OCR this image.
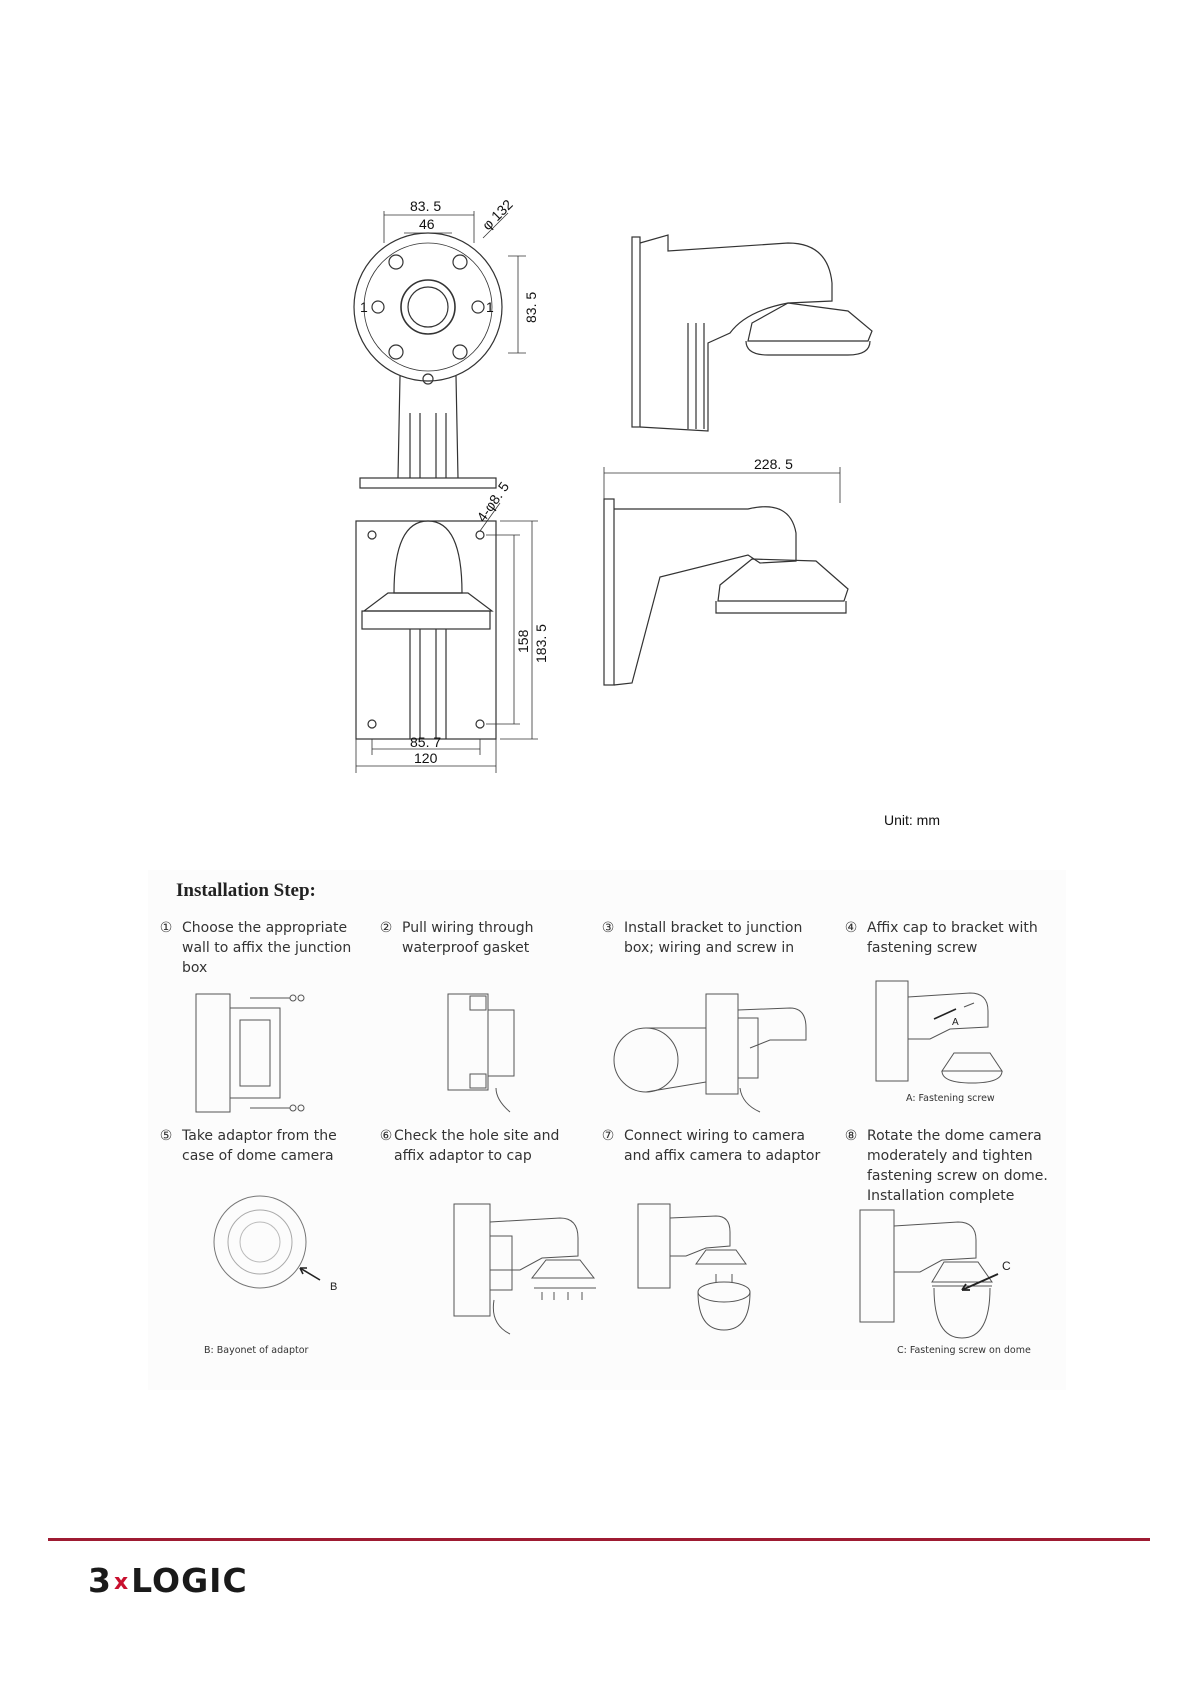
83. 5
46	φ 132
83. 5
1	1
4-φ8. 5
158 183. 5
85. 7
120
228. 5
Unit: mm
Installation Step:
① Choose the appropriate
wall to affix the junction
box
② Pull wiring through
waterproof gasket
③ Install bracket to junction
box; wiring and screw in
④ Affix cap to bracket with
fastening screw
⑤ Take adaptor from the
case of dome camera
⑥ Check the hole site and
affix adaptor to cap
⑦ Connect wiring to camera
and affix camera to adaptor
⑧ Rotate the dome camera
moderately and tighten
fastening screw on dome.
Installation complete
A
A: Fastening screw
B
B: Bayonet of adaptor
C
C: Fastening screw on dome
3xLOGIC
